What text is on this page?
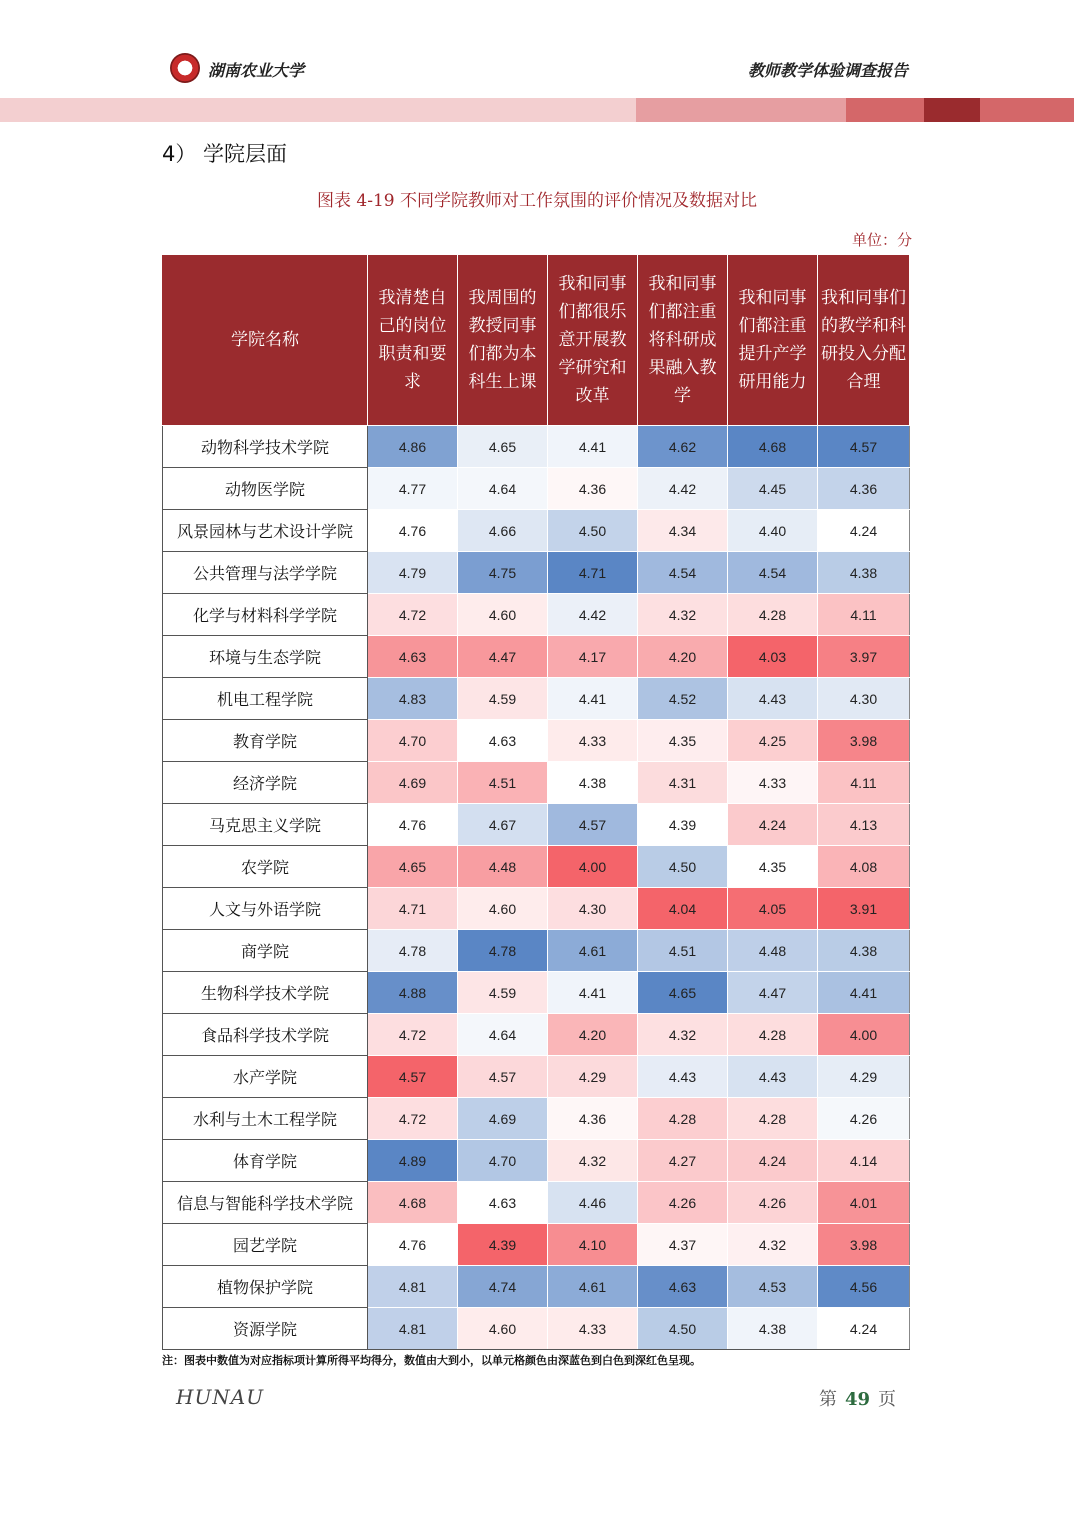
湖南农业大学	教师教学体验调查报告
4） 学院层面
图表 4-19 不同学院教师对工作氛围的评价情况及数据对比
单位：分
学院名称	我清楚自己的岗位职责和要求	我周围的教授同事们都为本科生上课	我和同事们都很乐意开展教学研究和改革	我和同事们都注重将科研成果融入教学	我和同事们都注重提升产学研用能力	我和同事们的教学和科研投入分配合理
动物科学技术学院	4.86	4.65	4.41	4.62	4.68	4.57
动物医学院	4.77	4.64	4.36	4.42	4.45	4.36
风景园林与艺术设计学院	4.76	4.66	4.50	4.34	4.40	4.24
公共管理与法学学院	4.79	4.75	4.71	4.54	4.54	4.38
化学与材料科学学院	4.72	4.60	4.42	4.32	4.28	4.11
环境与生态学院	4.63	4.47	4.17	4.20	4.03	3.97
机电工程学院	4.83	4.59	4.41	4.52	4.43	4.30
教育学院	4.70	4.63	4.33	4.35	4.25	3.98
经济学院	4.69	4.51	4.38	4.31	4.33	4.11
马克思主义学院	4.76	4.67	4.57	4.39	4.24	4.13
农学院	4.65	4.48	4.00	4.50	4.35	4.08
人文与外语学院	4.71	4.60	4.30	4.04	4.05	3.91
商学院	4.78	4.78	4.61	4.51	4.48	4.38
生物科学技术学院	4.88	4.59	4.41	4.65	4.47	4.41
食品科学技术学院	4.72	4.64	4.20	4.32	4.28	4.00
水产学院	4.57	4.57	4.29	4.43	4.43	4.29
水利与土木工程学院	4.72	4.69	4.36	4.28	4.28	4.26
体育学院	4.89	4.70	4.32	4.27	4.24	4.14
信息与智能科学技术学院	4.68	4.63	4.46	4.26	4.26	4.01
园艺学院	4.76	4.39	4.10	4.37	4.32	3.98
植物保护学院	4.81	4.74	4.61	4.63	4.53	4.56
资源学院	4.81	4.60	4.33	4.50	4.38	4.24
注：图表中数值为对应指标项计算所得平均得分，数值由大到小，以单元格颜色由深蓝色到白色到深红色呈现。
HUNAU	第 49 页
